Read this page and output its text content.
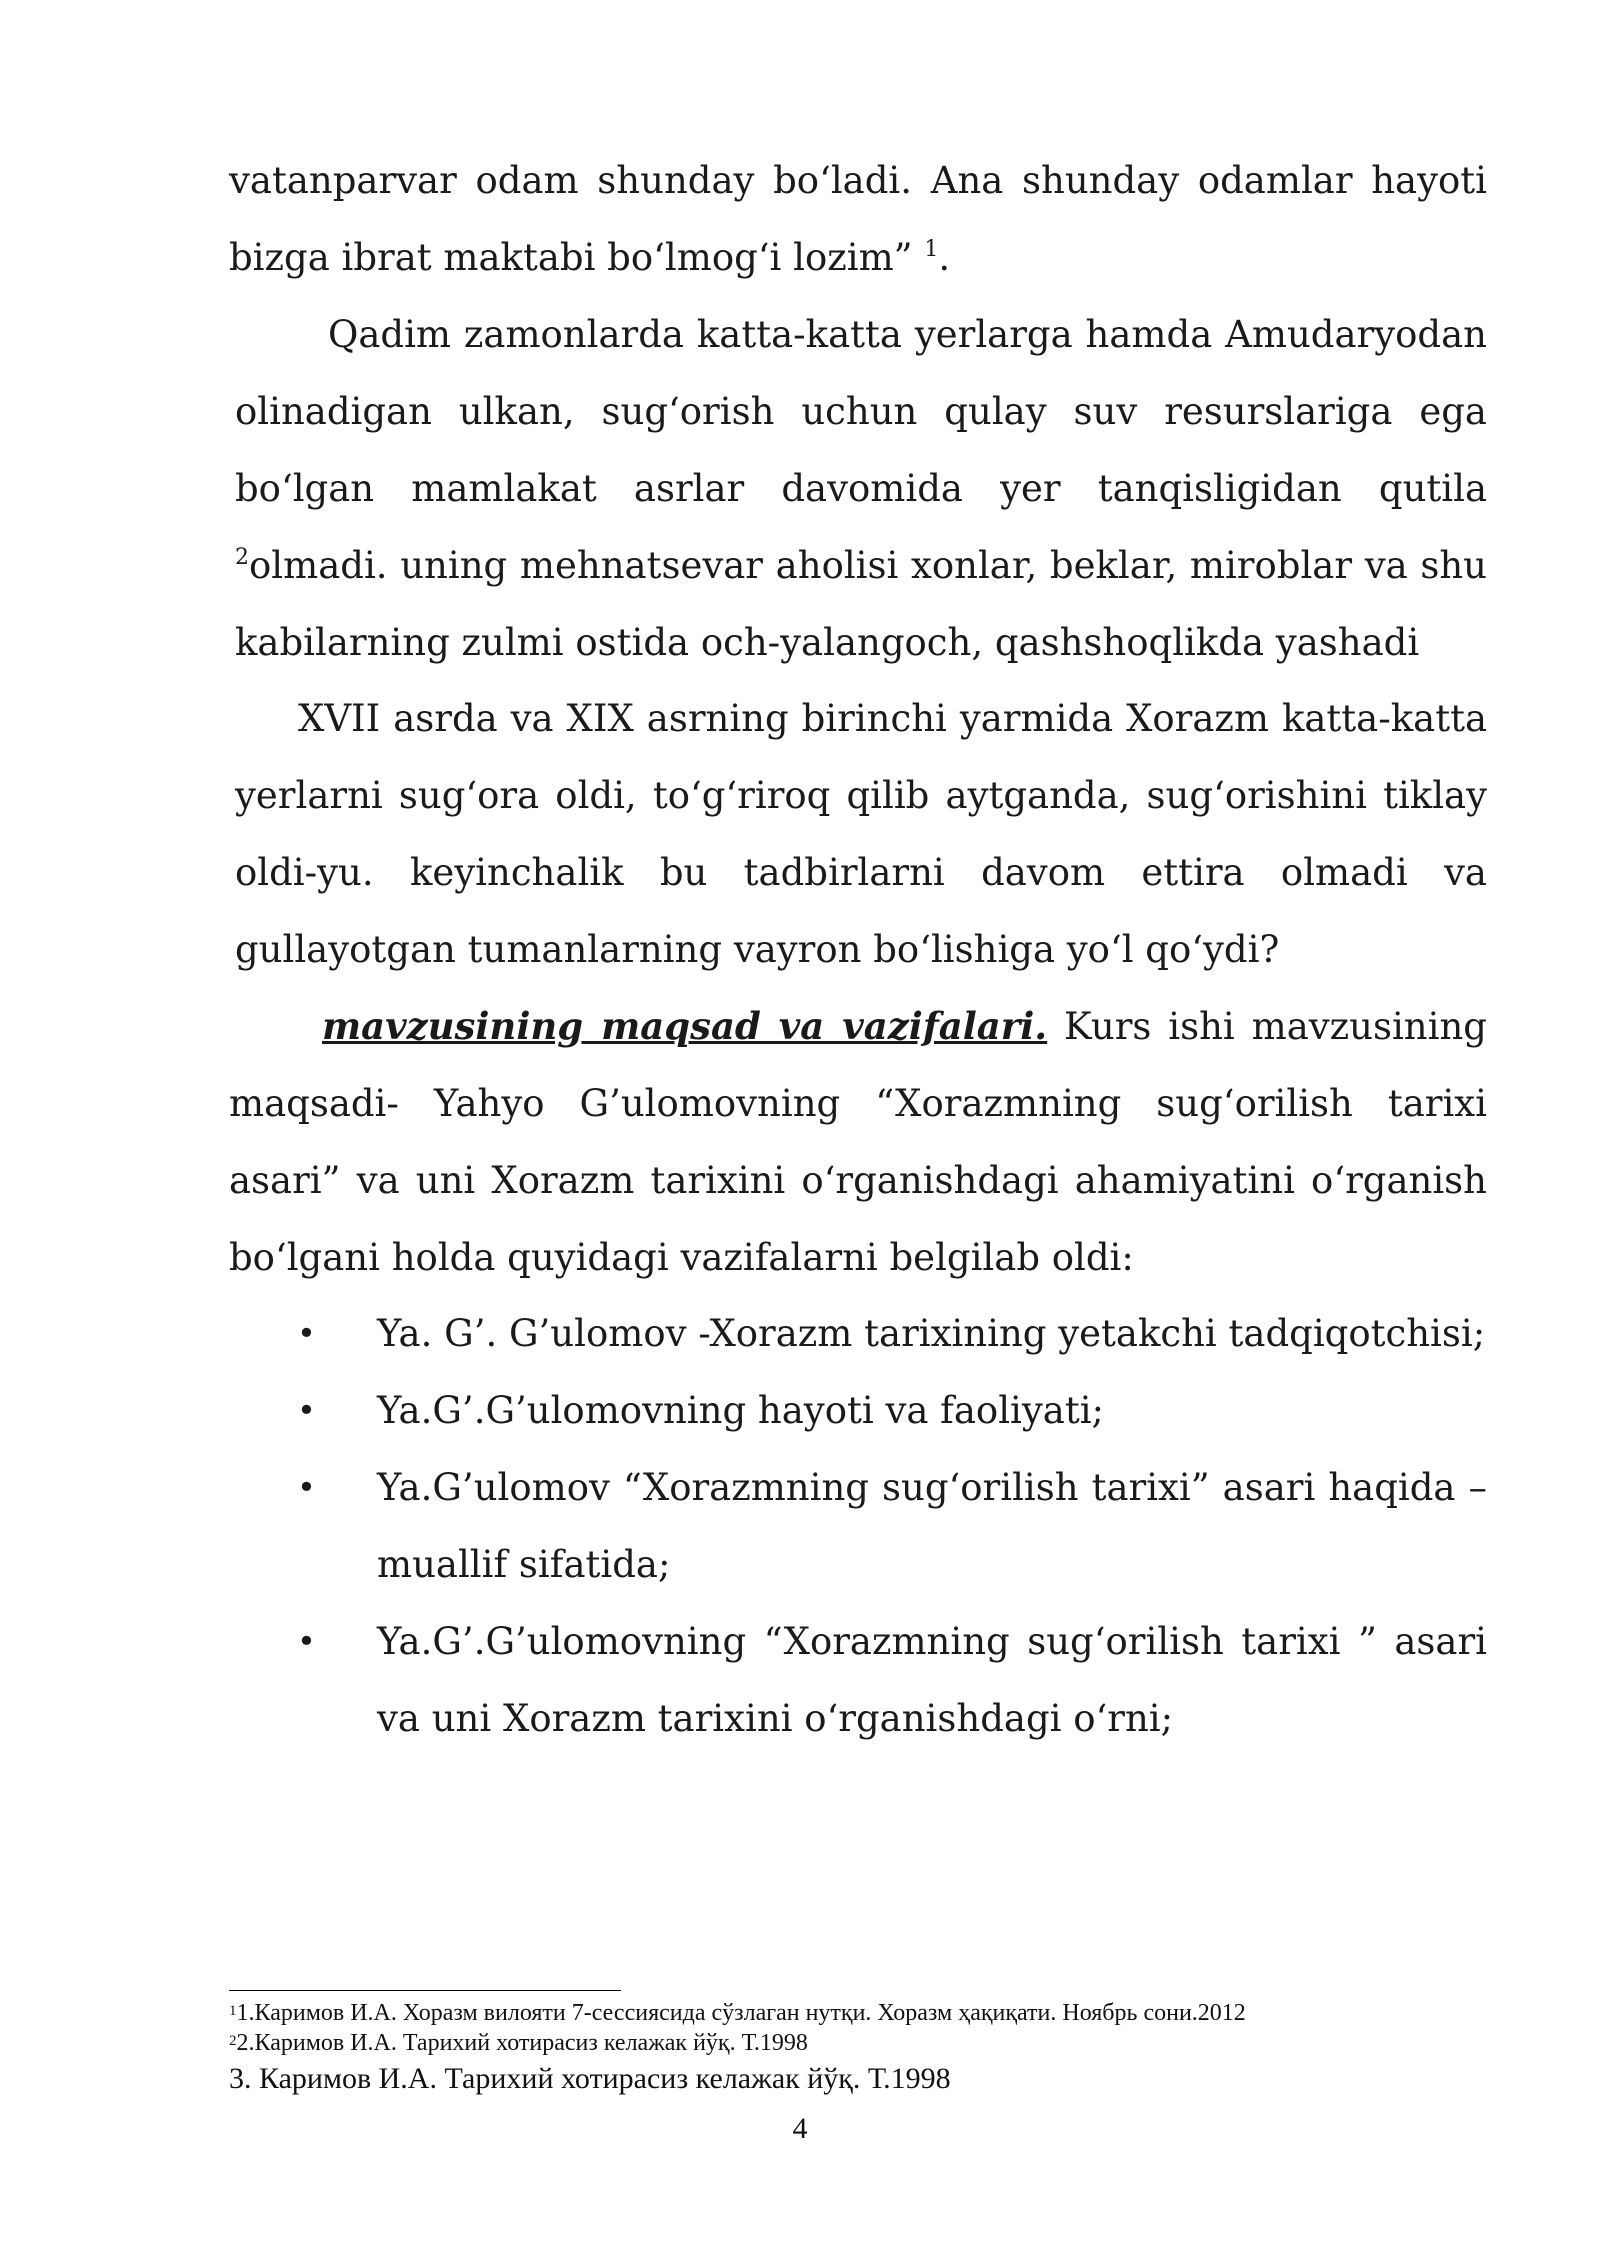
vatanparvar odam shunday bo‘ladi. Ana shunday odamlar hayoti bizga ibrat maktabi bo‘lmog‘i lozim” $^1$.

Qadim zamonlarda katta-katta yerlarga hamda Amudaryodan olinadigan ulkan, sug‘orish uchun qulay suv resurslariga ega bo‘lgan mamlakat asrlar davomida yer tanqisligidan qutila $^2$olmadi. uning mehnatsevar aholisi xonlar, beklar, miroblar va shu kabilarning zulmi ostida och-yalangoch, qashshoqlikda yashadi

XVII asrda va XIX asrning birinchi yarmida Xorazm katta-katta yerlarni sug‘ora oldi, to‘g‘riroq qilib aytganda, sug‘orishini tiklay oldi-yu. keyinchalik bu tadbirlarni davom ettira olmadi va gullayotgan tumanlarning vayron bo‘lishiga yo‘l qo‘ydi?

mavzusining maqsad va vazifalari. Kurs ishi mavzusining maqsadi- Yahyo G’ulomovning “Xorazmning sug‘orilish tarixi asari” va uni Xorazm tarixini o‘rganishdagi ahamiyatini o‘rganish bo‘lgani holda quyidagi vazifalarni belgilab oldi:

• Ya. G’. G’ulomov -Xorazm tarixining yetakchi tadqiqotchisi;
• Ya.G’.G’ulomovning hayoti va faoliyati;
• Ya.G’ulomov “Xorazmning sug‘orilish tarixi” asari haqida – muallif sifatida;
• Ya.G’.G’ulomovning “Xorazmning sug‘orilish tarixi ” asari va uni Xorazm tarixini o‘rganishdagi o‘rni;

$^1$1.Каримов И.А. Хоразм вилояти 7-сессиясида сўзлаган нутқи. Хоразм ҳақиқати. Ноябрь сони.2012

$^2$2.Каримов И.А. Тарихий хотирасиз келажак йўқ. Т.1998

3. Каримов И.А. Тарихий хотирасиз келажак йўқ. Т.1998

4
